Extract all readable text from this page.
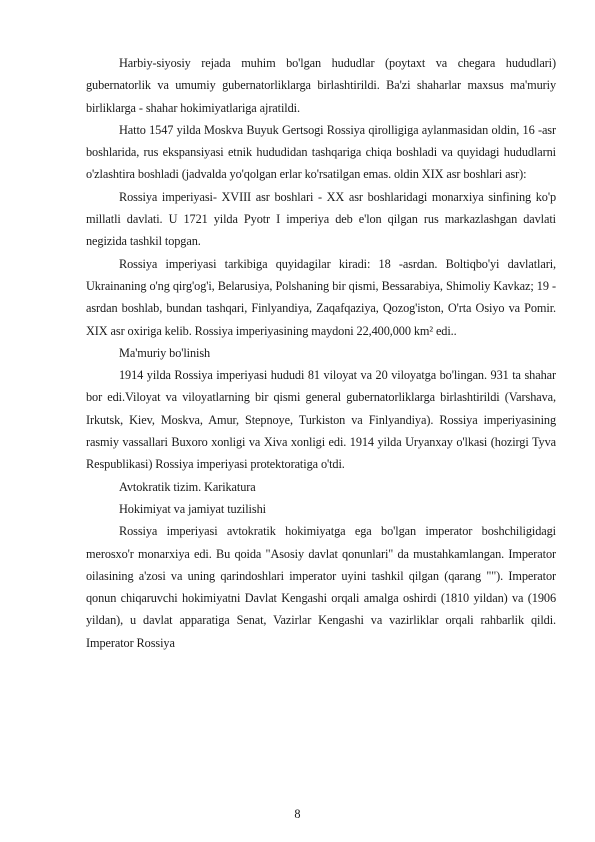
Harbiy-siyosiy rejada muhim bo'lgan hududlar (poytaxt va chegara hududlari) gubernatorlik va umumiy gubernatorliklarga birlashtirildi. Ba'zi shaharlar maxsus ma'muriy birliklarga - shahar hokimiyatlariga ajratildi.

Hatto 1547 yilda Moskva Buyuk Gertsogi Rossiya qirolligiga aylanmasidan oldin, 16 -asr boshlarida, rus ekspansiyasi etnik hududidan tashqariga chiqa boshladi va quyidagi hududlarni o'zlashtira boshladi (jadvalda yo'qolgan erlar ko'rsatilgan emas. oldin XIX asr boshlari asr):

Rossiya imperiyasi- XVIII asr boshlari - XX asr boshlaridagi monarxiya sinfining ko'p millatli davlati. U 1721 yilda Pyotr I imperiya deb e'lon qilgan rus markazlashgan davlati negizida tashkil topgan.

Rossiya imperiyasi tarkibiga quyidagilar kiradi: 18 -asrdan. Boltiqbo'yi davlatlari, Ukrainaning o'ng qirg'og'i, Belarusiya, Polshaning bir qismi, Bessarabiya, Shimoliy Kavkaz; 19 -asrdan boshlab, bundan tashqari, Finlyandiya, Zaqafqaziya, Qozog'iston, O'rta Osiyo va Pomir. XIX asr oxiriga kelib. Rossiya imperiyasining maydoni 22,400,000 km² edi..

Ma'muriy bo'linish

1914 yilda Rossiya imperiyasi hududi 81 viloyat va 20 viloyatga bo'lingan. 931 ta shahar bor edi.Viloyat va viloyatlarning bir qismi general gubernatorliklarga birlashtirildi (Varshava, Irkutsk, Kiev, Moskva, Amur, Stepnoye, Turkiston va Finlyandiya). Rossiya imperiyasining rasmiy vassallari Buxoro xonligi va Xiva xonligi edi. 1914 yilda Uryanxay o'lkasi (hozirgi Tyva Respublikasi) Rossiya imperiyasi protektoratiga o'tdi.

Avtokratik tizim. Karikatura

Hokimiyat va jamiyat tuzilishi

Rossiya imperiyasi avtokratik hokimiyatga ega bo'lgan imperator boshchiligidagi merosxo'r monarxiya edi. Bu qoida "Asosiy davlat qonunlari" da mustahkamlangan. Imperator oilasining a'zosi va uning qarindoshlari imperator uyini tashkil qilgan (qarang ""). Imperator qonun chiqaruvchi hokimiyatni Davlat Kengashi orqali amalga oshirdi (1810 yildan) va (1906 yildan), u davlat apparatiga Senat, Vazirlar Kengashi va vazirliklar orqali rahbarlik qildi. Imperator Rossiya

8
